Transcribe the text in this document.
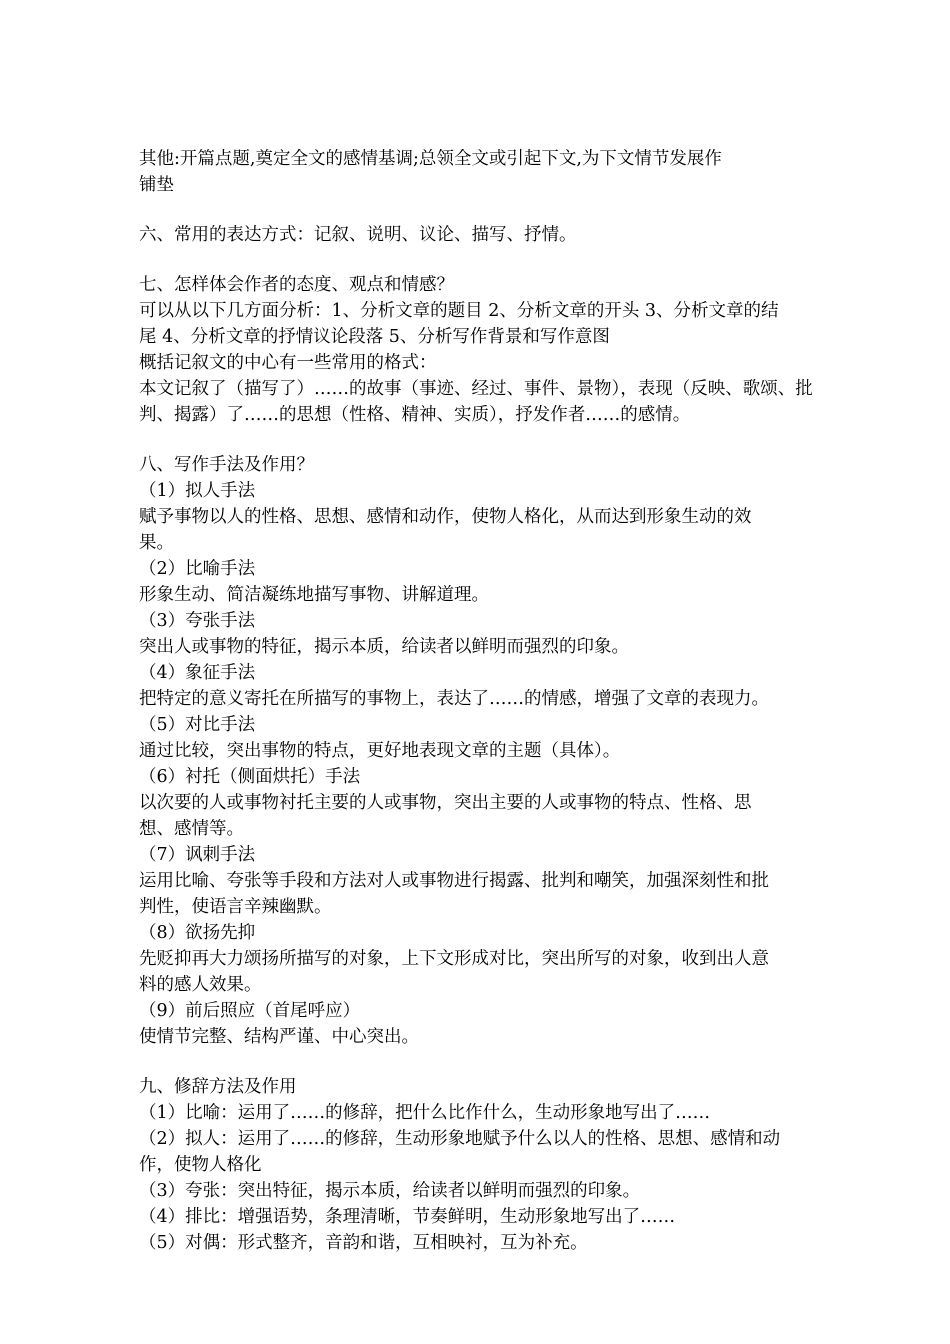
其他:开篇点题,奠定全文的感情基调;总领全文或引起下文,为下文情节发展作
铺垫
六、常用的表达方式：记叙、说明、议论、描写、抒情。
七、怎样体会作者的态度、观点和情感？
可以从以下几方面分析：1、分析文章的题目 2、分析文章的开头 3、分析文章的结
尾 4、分析文章的抒情议论段落 5、分析写作背景和写作意图
概括记叙文的中心有一些常用的格式：
本文记叙了（描写了）……的故事（事迹、经过、事件、景物），表现（反映、歌颂、批
判、揭露）了……的思想（性格、精神、实质），抒发作者……的感情。
八、写作手法及作用？
（1）拟人手法
赋予事物以人的性格、思想、感情和动作，使物人格化，从而达到形象生动的效
果。
（2）比喻手法
形象生动、简洁凝练地描写事物、讲解道理。
（3）夸张手法
突出人或事物的特征，揭示本质，给读者以鲜明而强烈的印象。
（4）象征手法
把特定的意义寄托在所描写的事物上，表达了……的情感，增强了文章的表现力。
（5）对比手法
通过比较，突出事物的特点，更好地表现文章的主题（具体）。
（6）衬托（侧面烘托）手法
以次要的人或事物衬托主要的人或事物，突出主要的人或事物的特点、性格、思
想、感情等。
（7）讽刺手法
运用比喻、夸张等手段和方法对人或事物进行揭露、批判和嘲笑，加强深刻性和批
判性，使语言辛辣幽默。
（8）欲扬先抑
先贬抑再大力颂扬所描写的对象，上下文形成对比，突出所写的对象，收到出人意
料的感人效果。
（9）前后照应（首尾呼应）
使情节完整、结构严谨、中心突出。
九、修辞方法及作用
（1）比喻：运用了……的修辞，把什么比作什么，生动形象地写出了……
（2）拟人：运用了……的修辞，生动形象地赋予什么以人的性格、思想、感情和动
作，使物人格化
（3）夸张：突出特征，揭示本质，给读者以鲜明而强烈的印象。
（4）排比：增强语势，条理清晰，节奏鲜明，生动形象地写出了……
（5）对偶：形式整齐，音韵和谐，互相映衬，互为补充。
